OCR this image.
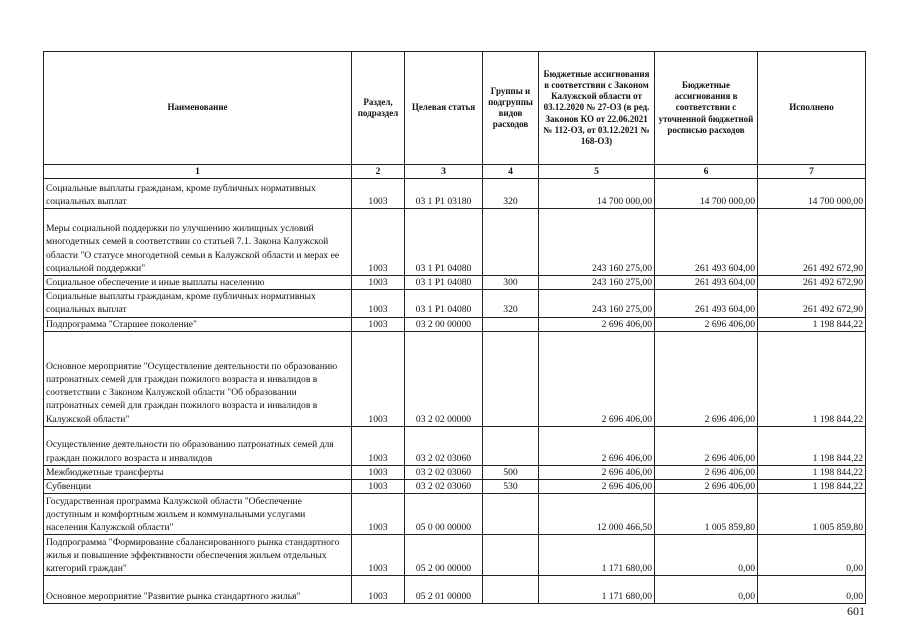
Наименование	Раздел, подраздел	Целевая статья	Группы и подгруппы видов расходов	Бюджетные ассигнования в соответствии с Законом Калужской области от 03.12.2020 № 27-ОЗ (в ред. Законов КО от 22.06.2021 № 112-ОЗ, от 03.12.2021 № 168-ОЗ)	Бюджетные ассигнования в соответствии с уточненной бюджетной росписью расходов	Исполнено
1	2	3	4	5	6	7
Социальные выплаты гражданам, кроме публичных нормативных социальных выплат	1003	03 1 P1 03180	320	14 700 000,00	14 700 000,00	14 700 000,00
Меры социальной поддержки по улучшению жилищных условий многодетных семей в соответствии со статьей 7.1. Закона Калужской области "О статусе многодетной семьи в Калужской области и мерах ее социальной поддержки"	1003	03 1 P1 04080		243 160 275,00	261 493 604,00	261 492 672,90
Социальное обеспечение и иные выплаты населению	1003	03 1 P1 04080	300	243 160 275,00	261 493 604,00	261 492 672,90
Социальные выплаты гражданам, кроме публичных нормативных социальных выплат	1003	03 1 P1 04080	320	243 160 275,00	261 493 604,00	261 492 672,90
Подпрограмма "Старшее поколение"	1003	03 2 00 00000		2 696 406,00	2 696 406,00	1 198 844,22
Основное мероприятие "Осуществление деятельности по образованию патронатных семей для граждан пожилого возраста и инвалидов в соответствии с Законом Калужской области "Об образовании патронатных семей для граждан пожилого возраста и инвалидов в Калужской области"	1003	03 2 02 00000		2 696 406,00	2 696 406,00	1 198 844,22
Осуществление деятельности по образованию патронатных семей для граждан пожилого возраста и инвалидов	1003	03 2 02 03060		2 696 406,00	2 696 406,00	1 198 844,22
Межбюджетные трансферты	1003	03 2 02 03060	500	2 696 406,00	2 696 406,00	1 198 844,22
Субвенции	1003	03 2 02 03060	530	2 696 406,00	2 696 406,00	1 198 844,22
Государственная программа Калужской области "Обеспечение доступным и комфортным жильем и коммунальными услугами населения Калужской области"	1003	05 0 00 00000		12 000 466,50	1 005 859,80	1 005 859,80
Подпрограмма "Формирование сбалансированного рынка стандартного жилья и повышение эффективности обеспечения жильем отдельных категорий граждан"	1003	05 2 00 00000		1 171 680,00	0,00	0,00
Основное мероприятие "Развитие рынка стандартного жилья"	1003	05 2 01 00000		1 171 680,00	0,00	0,00
601
